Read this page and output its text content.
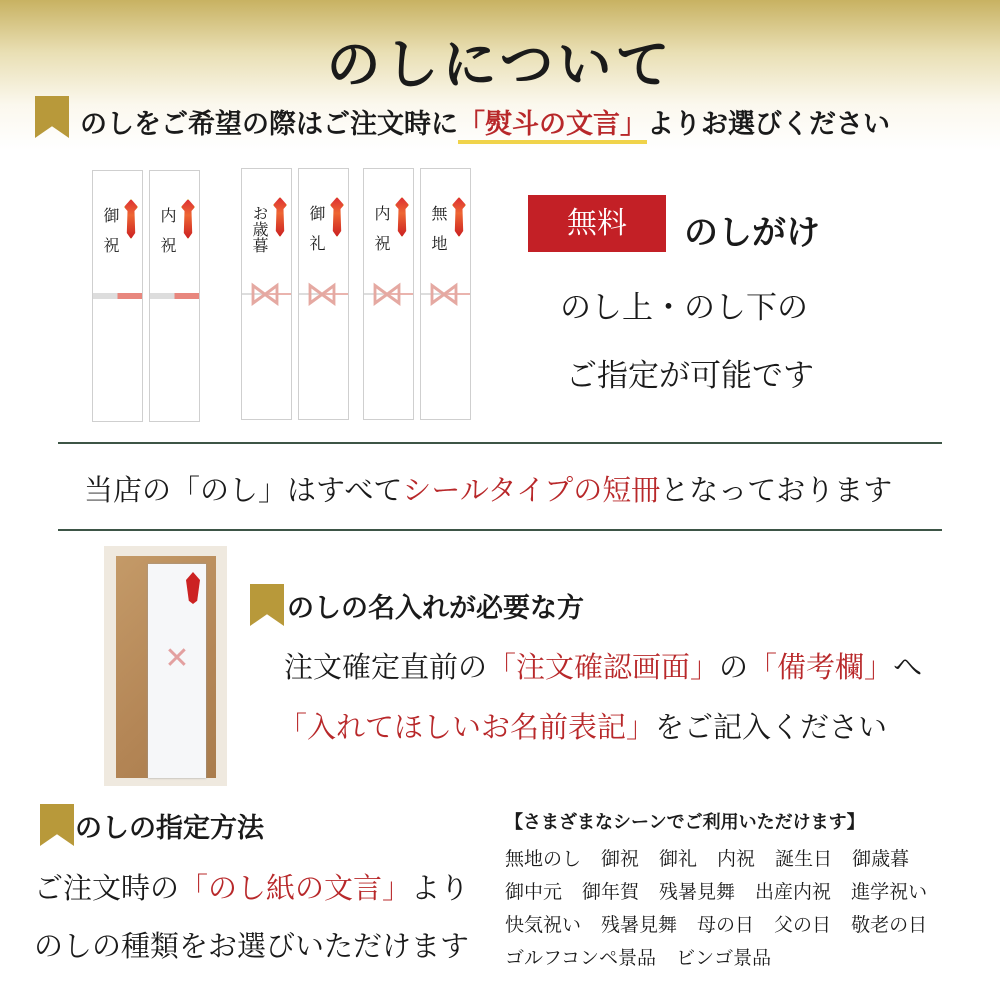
のしについて
のしをご希望の際はご注文時に「熨斗の文言」よりお選びください
御祝 内祝	お歳暮
⋈
御礼
⋈
内祝
⋈
無地
⋈
無料	のしがけ
のし上・のし下の
ご指定が可能です
当店の「のし」はすべてシールタイプの短冊となっております
✕
のしの名入れが必要な方
注文確定直前の「注文確認画面」の「備考欄」へ
「入れてほしいお名前表記」をご記入ください
のしの指定方法
ご注文時の「のし紙の文言」より
のしの種類をお選びいただけます
【さまざまなシーンでご利用いただけます】
無地のし 御祝 御礼 内祝 誕生日 御歳暮
御中元 御年賀 残暑見舞 出産内祝 進学祝い
快気祝い 残暑見舞 母の日 父の日 敬老の日
ゴルフコンペ景品 ビンゴ景品
